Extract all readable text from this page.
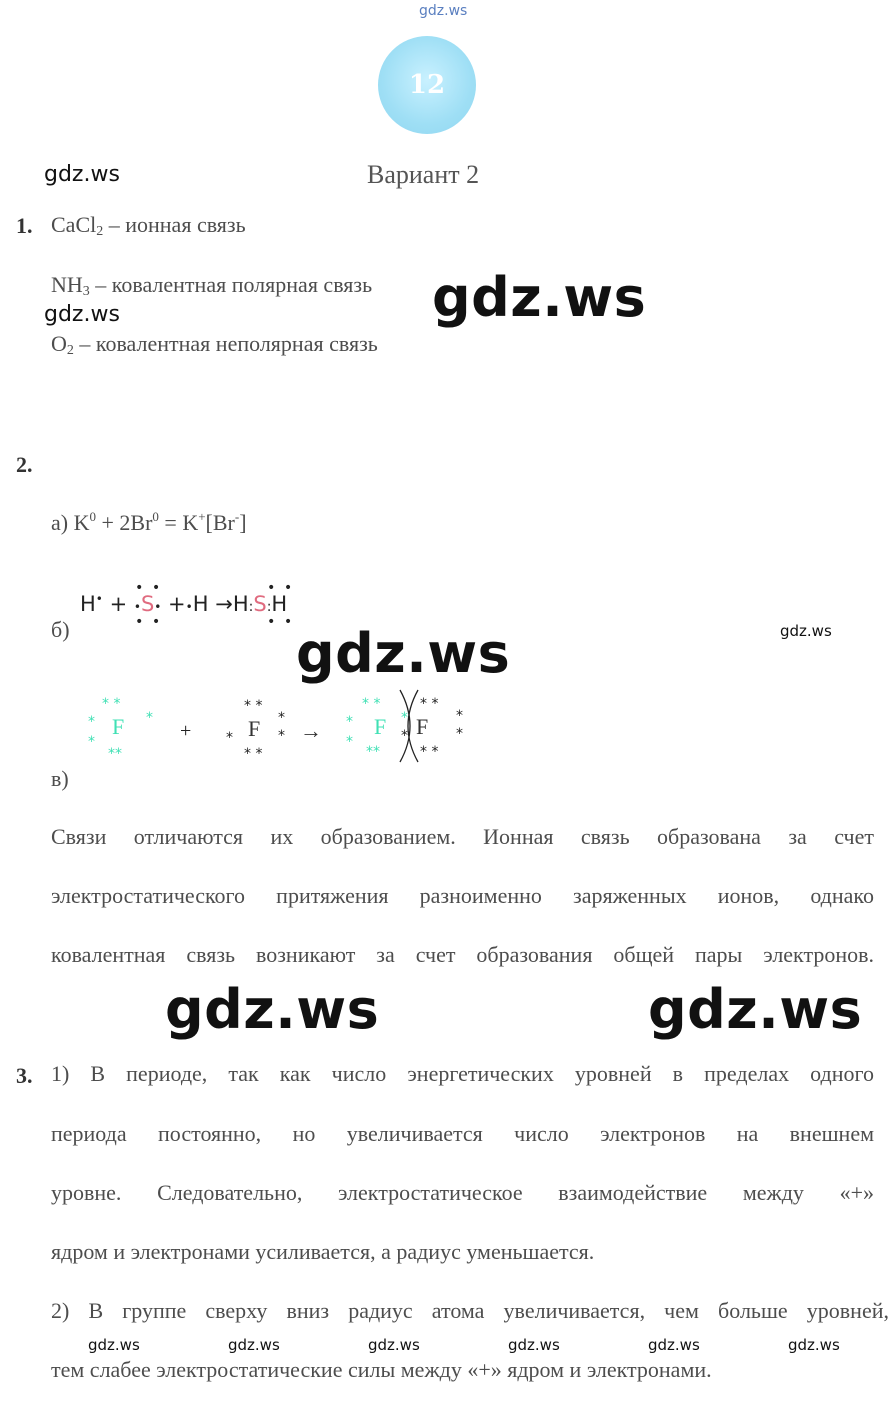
gdz.ws
12
gdz.ws
gdz.ws
gdz.ws
gdz.ws	gdz.ws
gdz.ws	gdz.ws
gdz.ws	gdz.ws	gdz.ws	gdz.ws	gdz.ws	gdz.ws
Вариант 2
1. CaCl$_2$ – ионная связь
$NH_3$ – ковалентная полярная связь
$O_2$ – ковалентная неполярная связь
2.
а) $K^0 + 2Br^0 = K^+[Br^-]$
H• + •S• +•H →H:S:H
• •
• •
• •
• •
б)
* *
*	*
*
**
F	+
* *
*
*
*
* *
F →
* *
*
*
**
F *
* F
* *
*
*
* *
в)
Связи отличаются их образованием. Ионная связь образована за счет
электростатического притяжения разноименно заряженных ионов, однако
ковалентная связь возникают за счет образования общей пары электронов.
3. 1) В периоде, так как число энергетических уровней в пределах одного
периода постоянно, но увеличивается число электронов на внешнем
уровне. Следовательно, электростатическое взаимодействие между «+»
ядром и электронами усиливается, а радиус уменьшается.
2) В группе сверху вниз радиус атома увеличивается, чем больше уровней,
тем слабее электростатические силы между «+» ядром и электронами.
